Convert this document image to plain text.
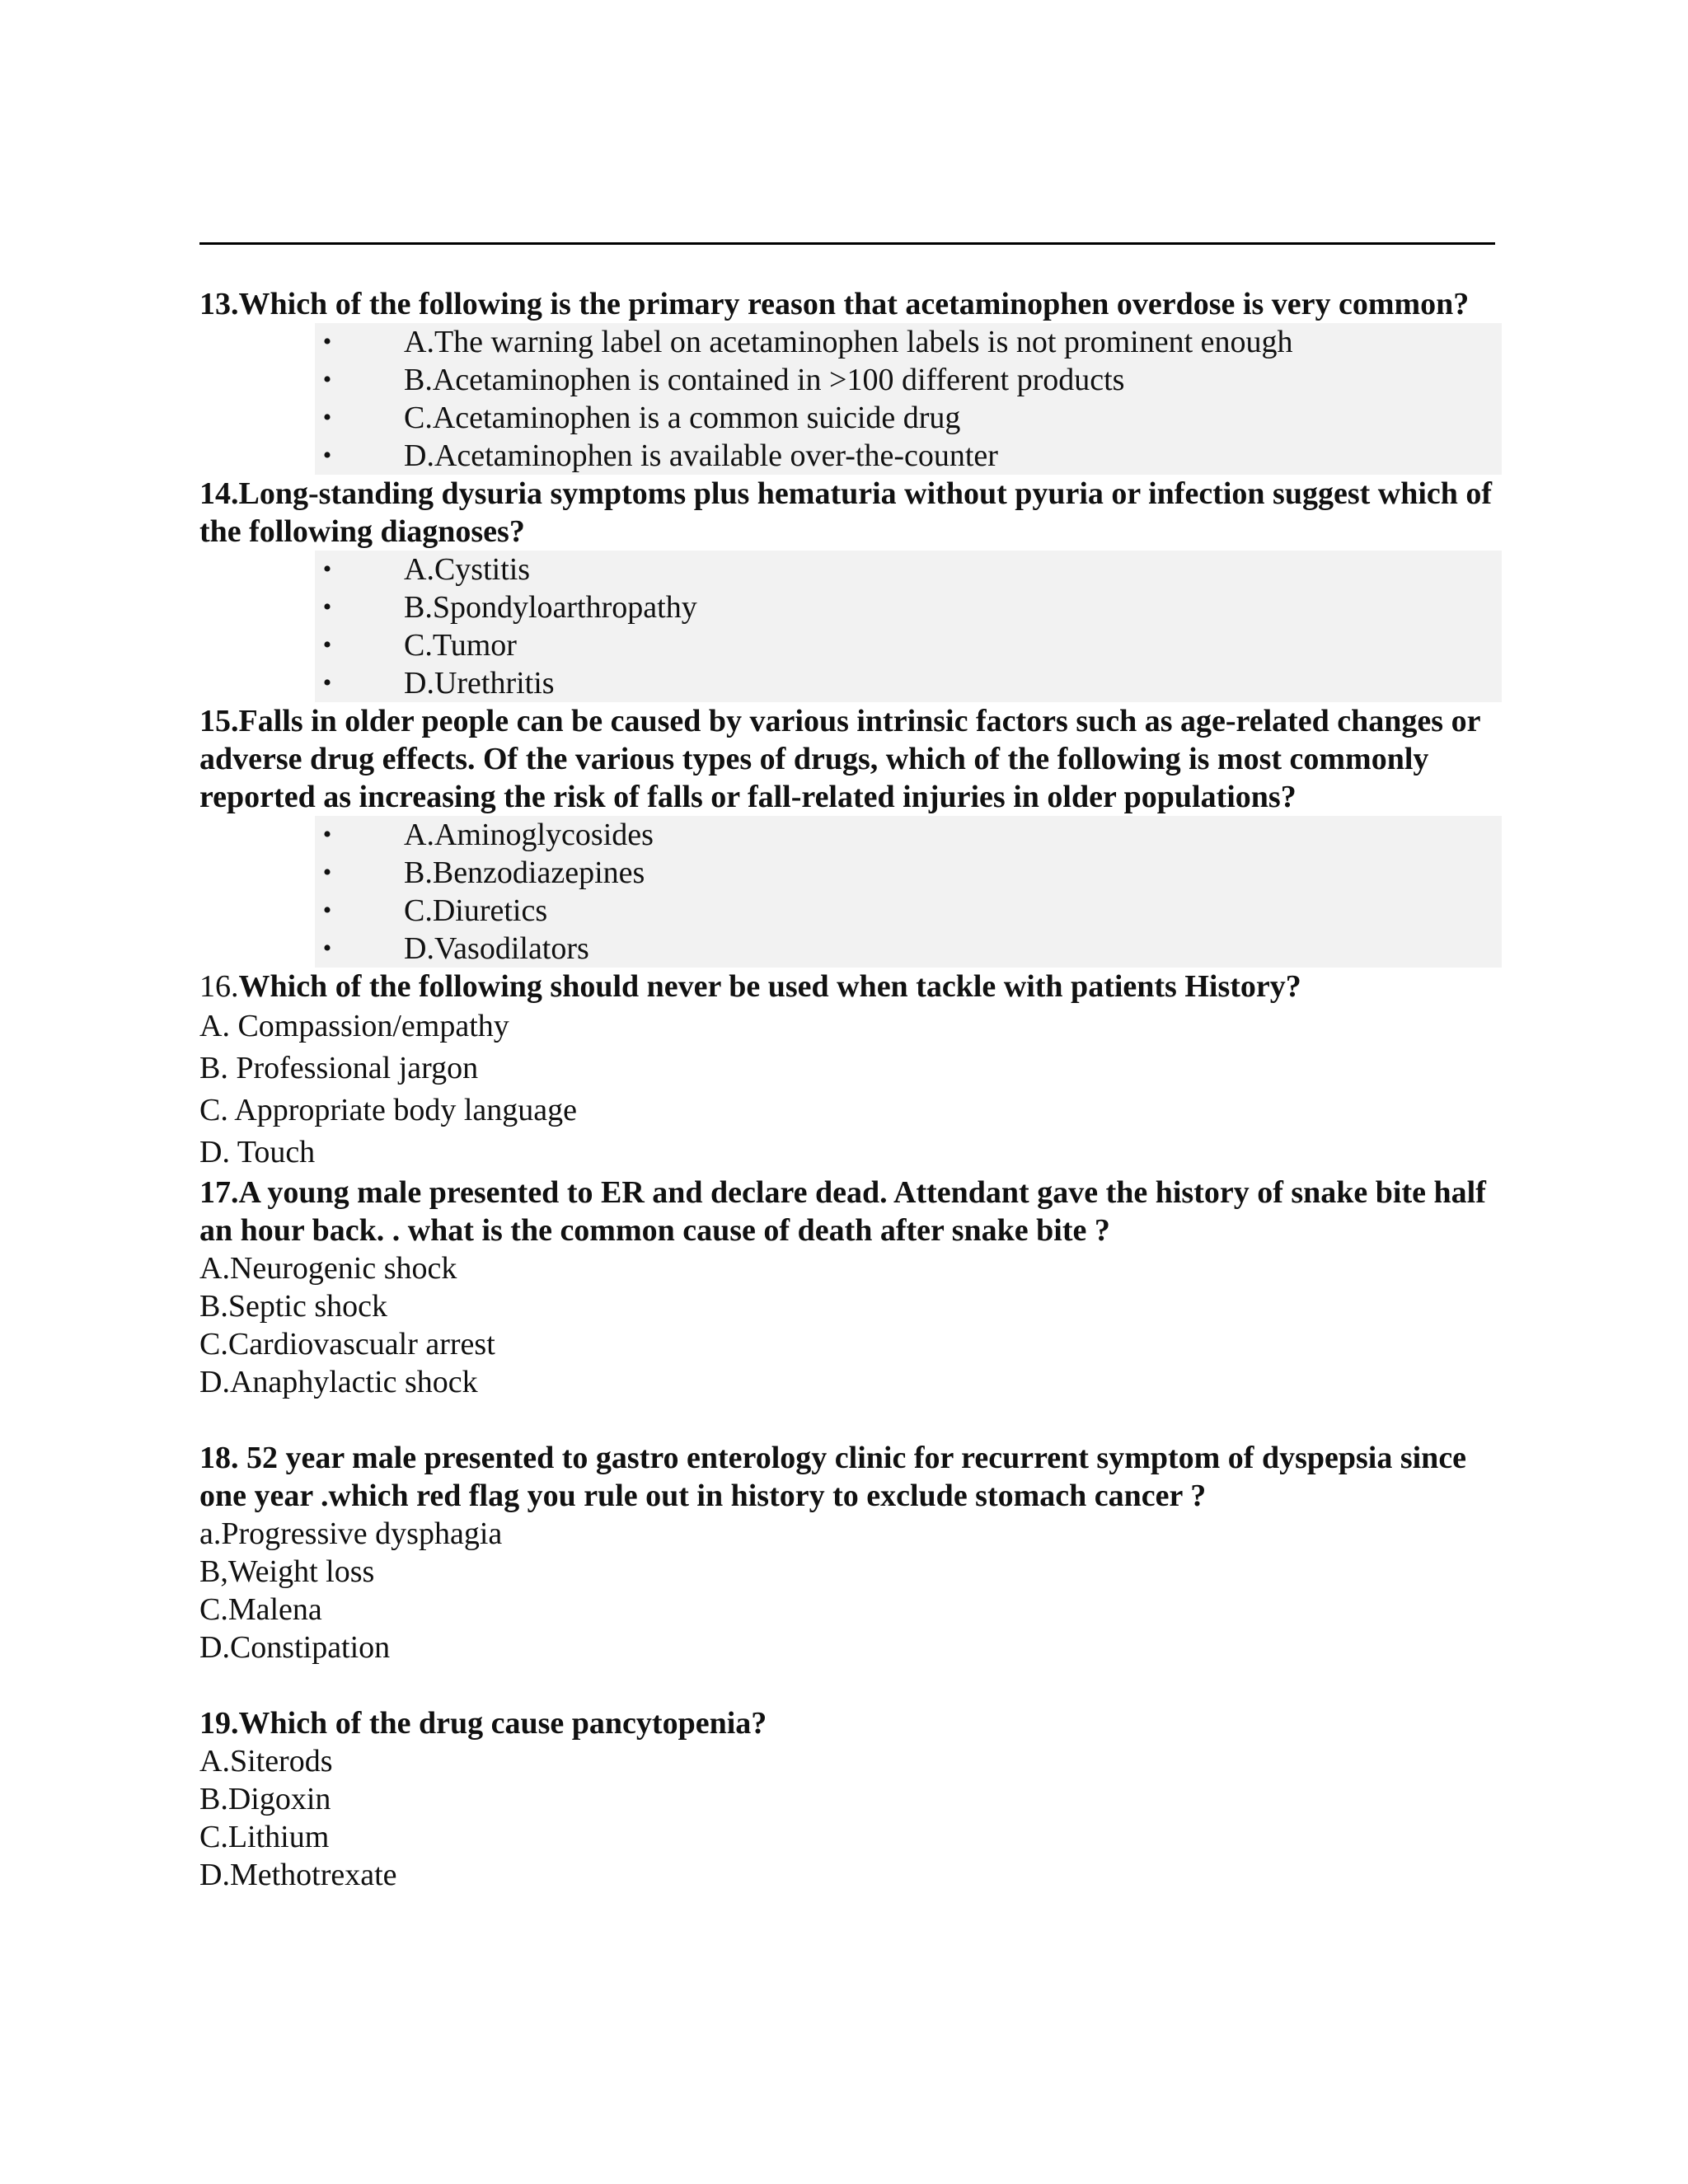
13.Which of the following is the primary reason that acetaminophen overdose is very common?

• A.The warning label on acetaminophen labels is not prominent enough
• B.Acetaminophen is contained in >100 different products
• C.Acetaminophen is a common suicide drug
• D.Acetaminophen is available over-the-counter

14.Long-standing dysuria symptoms plus hematuria without pyuria or infection suggest which of the following diagnoses?

• A.Cystitis
• B.Spondyloarthropathy
• C.Tumor
• D.Urethritis

15.Falls in older people can be caused by various intrinsic factors such as age-related changes or adverse drug effects. Of the various types of drugs, which of the following is most commonly reported as increasing the risk of falls or fall-related injuries in older populations?

• A.Aminoglycosides
• B.Benzodiazepines
• C.Diuretics
• D.Vasodilators

16.Which of the following should never be used when tackle with patients History?

A. Compassion/empathy

B. Professional jargon

C. Appropriate body language

D. Touch

17.A young male presented to ER and declare dead. Attendant gave the history of snake bite half an hour back. . what is the common cause of death after snake bite ?

A.Neurogenic shock

B.Septic shock

C.Cardiovascualr arrest

D.Anaphylactic shock

18. 52 year male presented to gastro enterology clinic for recurrent symptom of dyspepsia since one year .which red flag you rule out in history to exclude stomach cancer ?

a.Progressive dysphagia

B,Weight loss

C.Malena

D.Constipation

19.Which of the drug cause pancytopenia?

A.Siterods

B.Digoxin

C.Lithium

D.Methotrexate
